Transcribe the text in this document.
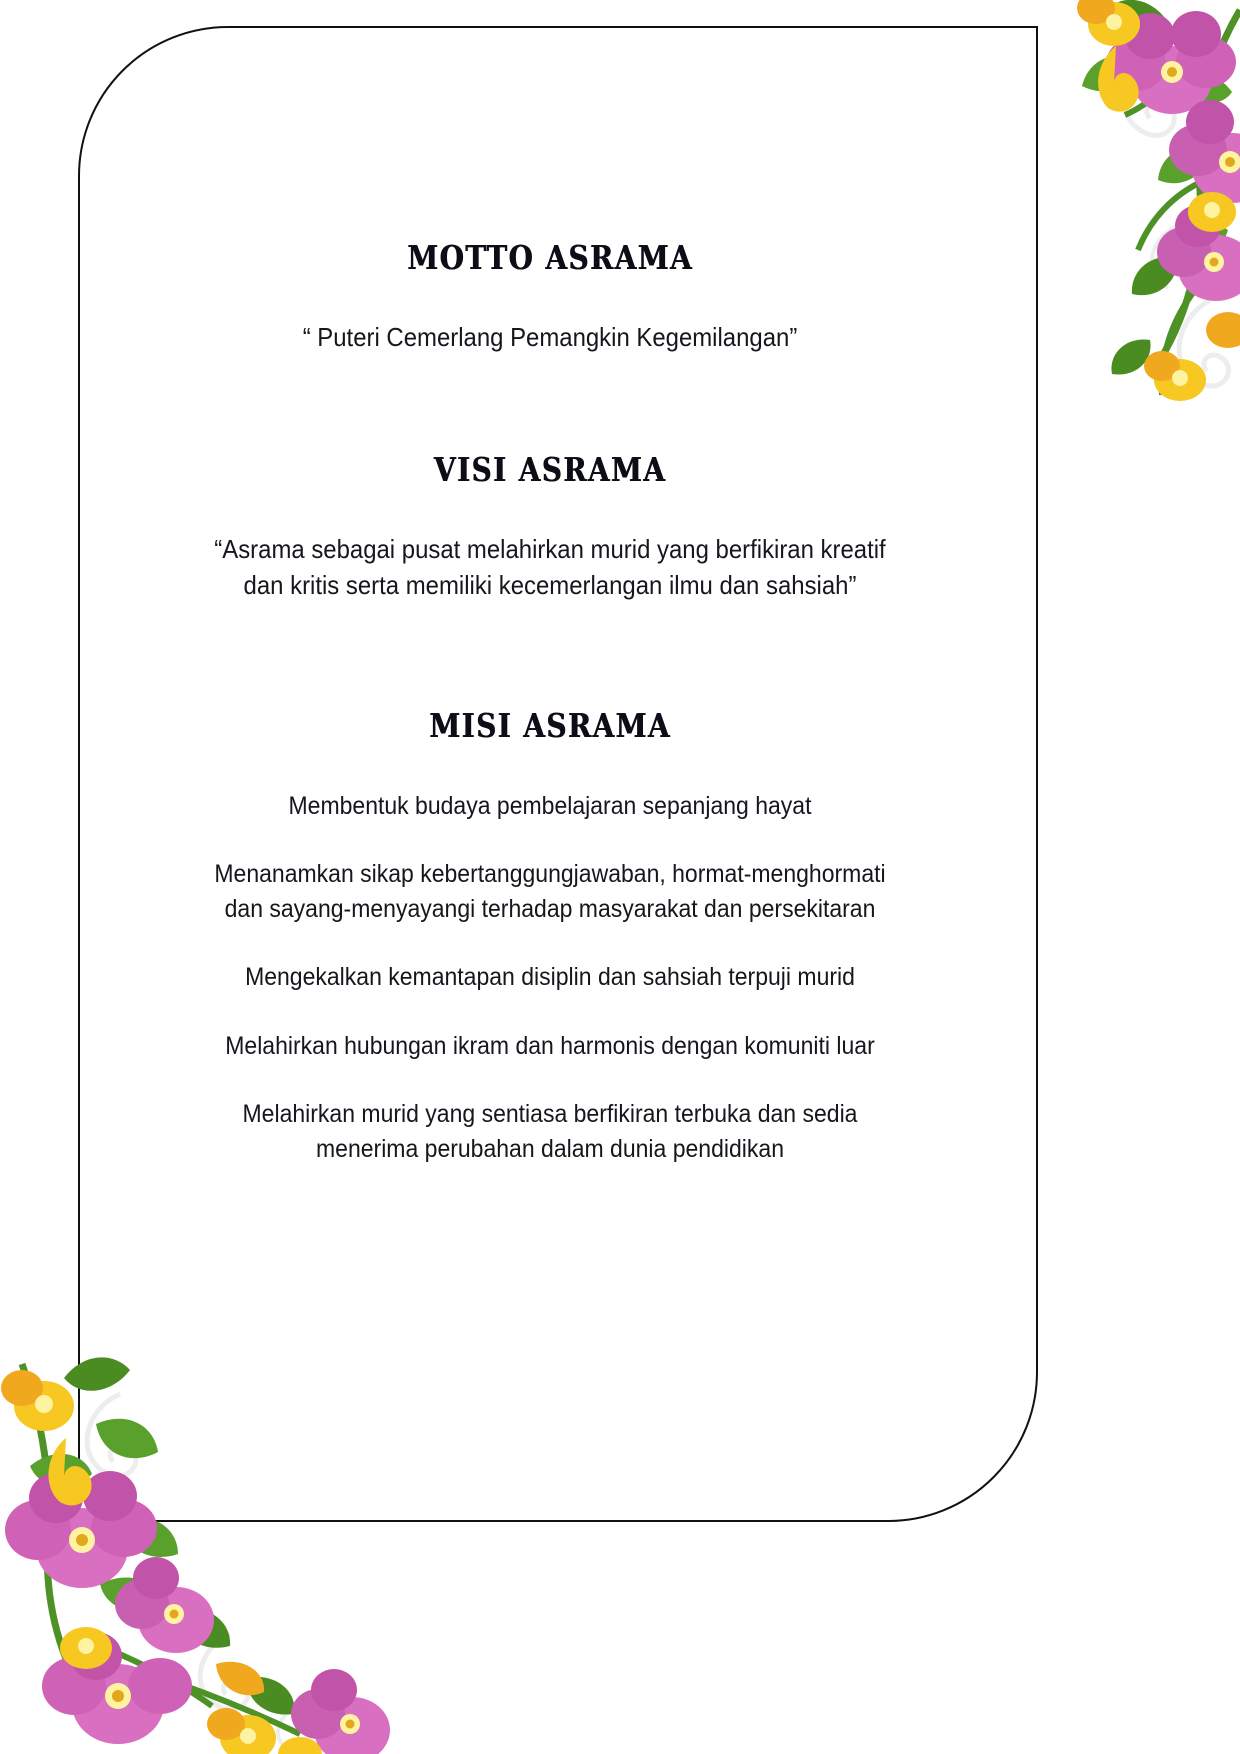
MOTTO ASRAMA

“ Puteri Cemerlang Pemangkin Kegemilangan”

VISI ASRAMA

“Asrama sebagai pusat melahirkan murid yang berfikiran kreatif dan kritis serta memiliki kecemerlangan ilmu dan sahsiah”

MISI ASRAMA

Membentuk budaya pembelajaran sepanjang hayat

Menanamkan sikap kebertanggungjawaban, hormat-menghormati dan sayang-menyayangi terhadap masyarakat dan persekitaran

Mengekalkan kemantapan disiplin dan sahsiah terpuji murid

Melahirkan hubungan ikram dan harmonis dengan komuniti luar

Melahirkan murid yang sentiasa berfikiran terbuka dan sedia menerima perubahan dalam dunia pendidikan
